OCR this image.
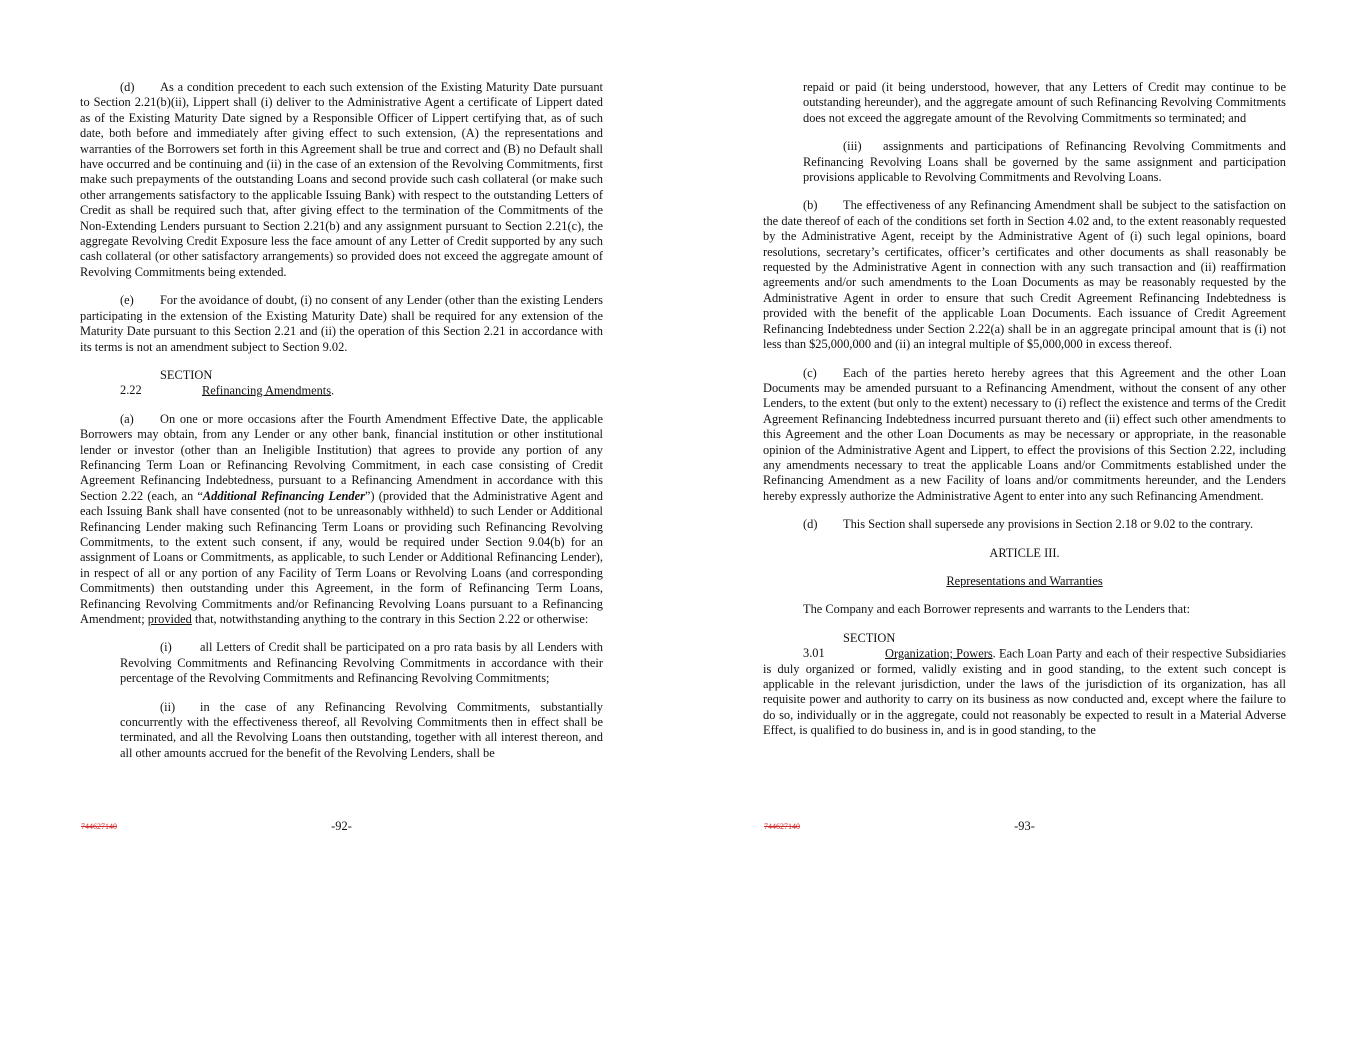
(d) As a condition precedent to each such extension of the Existing Maturity Date pursuant to Section 2.21(b)(ii), Lippert shall (i) deliver to the Administrative Agent a certificate of Lippert dated as of the Existing Maturity Date signed by a Responsible Officer of Lippert certifying that, as of such date, both before and immediately after giving effect to such extension, (A) the representations and warranties of the Borrowers set forth in this Agreement shall be true and correct and (B) no Default shall have occurred and be continuing and (ii) in the case of an extension of the Revolving Commitments, first make such prepayments of the outstanding Loans and second provide such cash collateral (or make such other arrangements satisfactory to the applicable Issuing Bank) with respect to the outstanding Letters of Credit as shall be required such that, after giving effect to the termination of the Commitments of the Non-Extending Lenders pursuant to Section 2.21(b) and any assignment pursuant to Section 2.21(c), the aggregate Revolving Credit Exposure less the face amount of any Letter of Credit supported by any such cash collateral (or other satisfactory arrangements) so provided does not exceed the aggregate amount of Revolving Commitments being extended.

(e) For the avoidance of doubt, (i) no consent of any Lender (other than the existing Lenders participating in the extension of the Existing Maturity Date) shall be required for any extension of the Maturity Date pursuant to this Section 2.21 and (ii) the operation of this Section 2.21 in accordance with its terms is not an amendment subject to Section 9.02.

SECTION 2.22	Refinancing Amendments.

(a) On one or more occasions after the Fourth Amendment Effective Date, the applicable Borrowers may obtain, from any Lender or any other bank, financial institution or other institutional lender or investor (other than an Ineligible Institution) that agrees to provide any portion of any Refinancing Term Loan or Refinancing Revolving Commitment, in each case consisting of Credit Agreement Refinancing Indebtedness, pursuant to a Refinancing Amendment in accordance with this Section 2.22 (each, an “Additional Refinancing Lender”) (provided that the Administrative Agent and each Issuing Bank shall have consented (not to be unreasonably withheld) to such Lender or Additional Refinancing Lender making such Refinancing Term Loans or providing such Refinancing Revolving Commitments, to the extent such consent, if any, would be required under Section 9.04(b) for an assignment of Loans or Commitments, as applicable, to such Lender or Additional Refinancing Lender), in respect of all or any portion of any Facility of Term Loans or Revolving Loans (and corresponding Commitments) then outstanding under this Agreement, in the form of Refinancing Term Loans, Refinancing Revolving Commitments and/or Refinancing Revolving Loans pursuant to a Refinancing Amendment; provided that, notwithstanding anything to the contrary in this Section 2.22 or otherwise:

(i) all Letters of Credit shall be participated on a pro rata basis by all Lenders with Revolving Commitments and Refinancing Revolving Commitments in accordance with their percentage of the Revolving Commitments and Refinancing Revolving Commitments;

(ii) in the case of any Refinancing Revolving Commitments, substantially concurrently with the effectiveness thereof, all Revolving Commitments then in effect shall be terminated, and all the Revolving Loans then outstanding, together with all interest thereon, and all other amounts accrued for the benefit of the Revolving Lenders, shall be

744627140	-92-

repaid or paid (it being understood, however, that any Letters of Credit may continue to be outstanding hereunder), and the aggregate amount of such Refinancing Revolving Commitments does not exceed the aggregate amount of the Revolving Commitments so terminated; and

(iii) assignments and participations of Refinancing Revolving Commitments and Refinancing Revolving Loans shall be governed by the same assignment and participation provisions applicable to Revolving Commitments and Revolving Loans.

(b) The effectiveness of any Refinancing Amendment shall be subject to the satisfaction on the date thereof of each of the conditions set forth in Section 4.02 and, to the extent reasonably requested by the Administrative Agent, receipt by the Administrative Agent of (i) such legal opinions, board resolutions, secretary’s certificates, officer’s certificates and other documents as shall reasonably be requested by the Administrative Agent in connection with any such transaction and (ii) reaffirmation agreements and/or such amendments to the Loan Documents as may be reasonably requested by the Administrative Agent in order to ensure that such Credit Agreement Refinancing Indebtedness is provided with the benefit of the applicable Loan Documents. Each issuance of Credit Agreement Refinancing Indebtedness under Section 2.22(a) shall be in an aggregate principal amount that is (i) not less than $25,000,000 and (ii) an integral multiple of $5,000,000 in excess thereof.

(c) Each of the parties hereto hereby agrees that this Agreement and the other Loan Documents may be amended pursuant to a Refinancing Amendment, without the consent of any other Lenders, to the extent (but only to the extent) necessary to (i) reflect the existence and terms of the Credit Agreement Refinancing Indebtedness incurred pursuant thereto and (ii) effect such other amendments to this Agreement and the other Loan Documents as may be necessary or appropriate, in the reasonable opinion of the Administrative Agent and Lippert, to effect the provisions of this Section 2.22, including any amendments necessary to treat the applicable Loans and/or Commitments established under the Refinancing Amendment as a new Facility of loans and/or commitments hereunder, and the Lenders hereby expressly authorize the Administrative Agent to enter into any such Refinancing Amendment.

(d) This Section shall supersede any provisions in Section 2.18 or 9.02 to the contrary.

ARTICLE III.

Representations and Warranties

The Company and each Borrower represents and warrants to the Lenders that:

SECTION 3.01	Organization; Powers. Each Loan Party and each of their respective Subsidiaries is duly organized or formed, validly existing and in good standing, to the extent such concept is applicable in the relevant jurisdiction, under the laws of the jurisdiction of its organization, has all requisite power and authority to carry on its business as now conducted and, except where the failure to do so, individually or in the aggregate, could not reasonably be expected to result in a Material Adverse Effect, is qualified to do business in, and is in good standing, to the

744627140	-93-
